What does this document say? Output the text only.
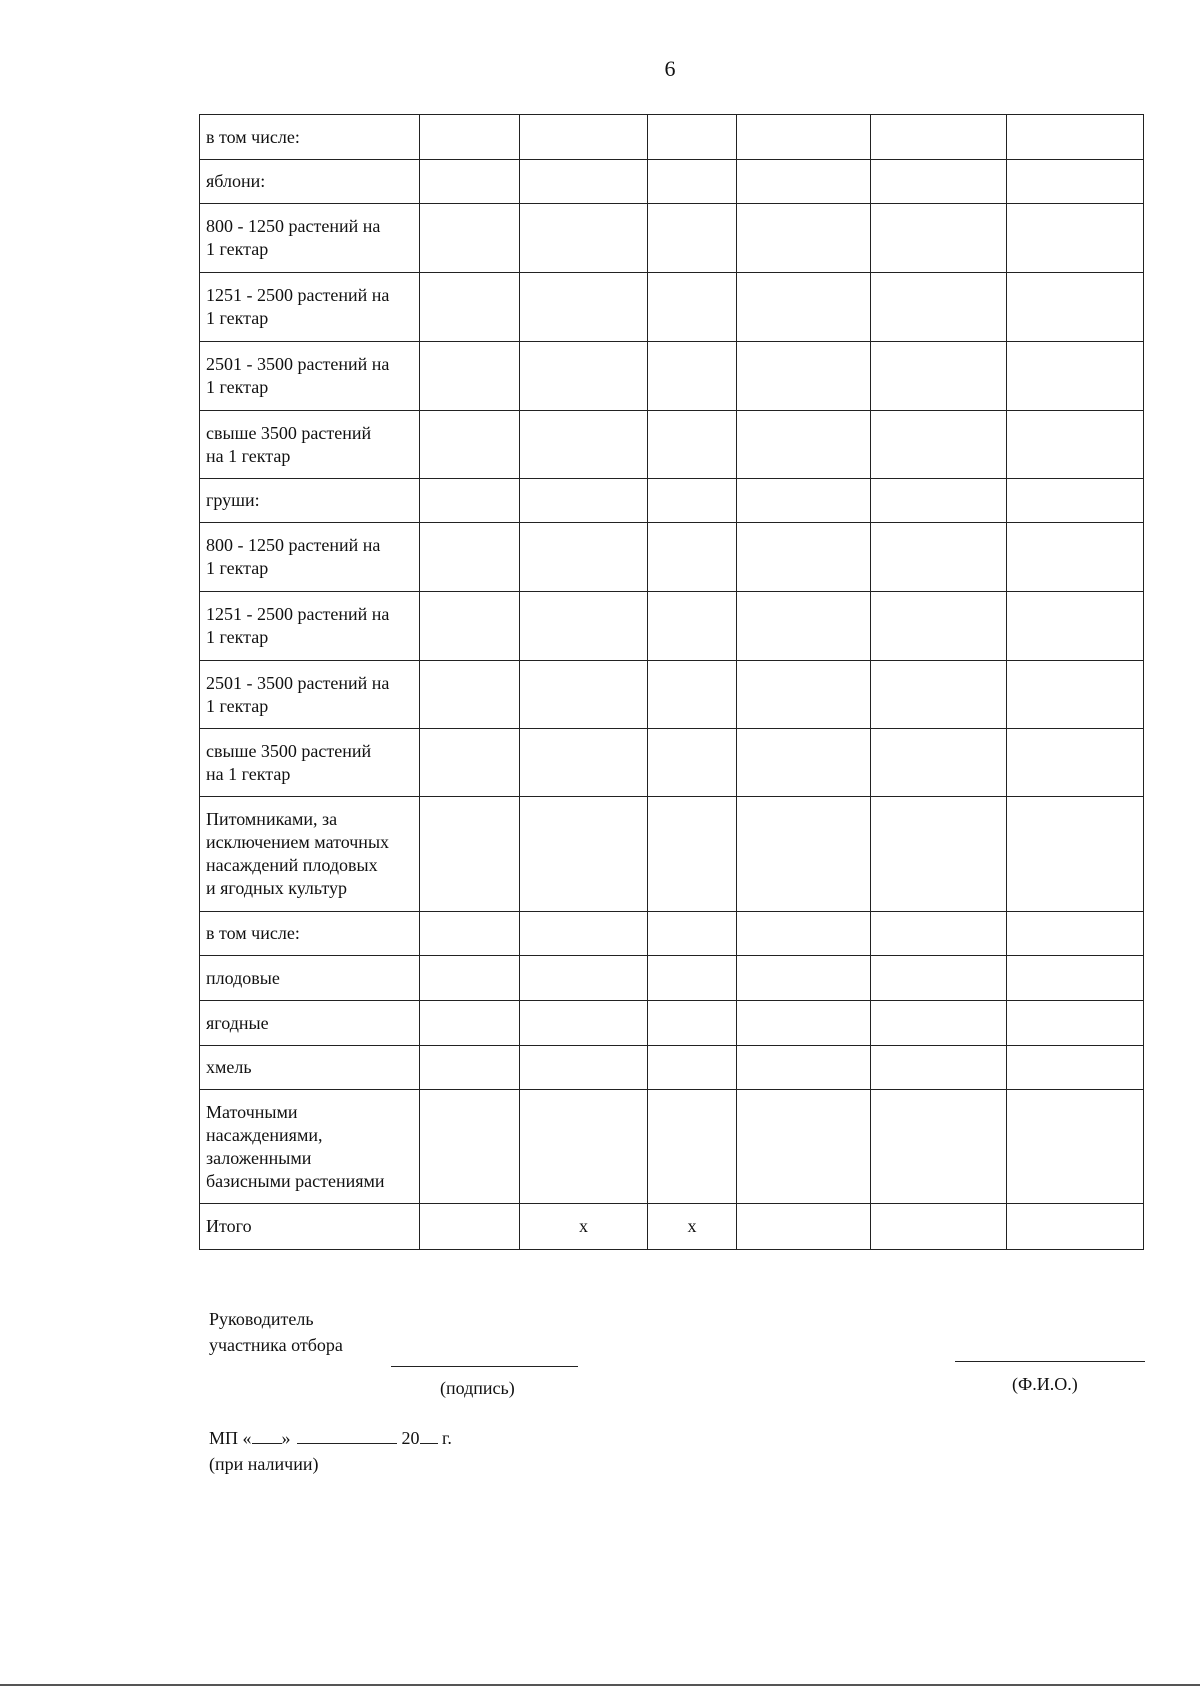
6
в том числе:						

яблони:						

800 - 1250 растений на
1 гектар						

1251 - 2500 растений на
1 гектар						

2501 - 3500 растений на
1 гектар						

свыше 3500 растений
на 1 гектар						

груши:						

800 - 1250 растений на
1 гектар						

1251 - 2500 растений на
1 гектар						

2501 - 3500 растений на
1 гектар						

свыше 3500 растений
на 1 гектар						

Питомниками, за
исключением маточных
насаждений плодовых
и ягодных культур						

в том числе:						

плодовые						

ягодные						

хмель						

Маточными
насаждениями,
заложенными
базисными растениями						

Итого		х	х			
Руководитель
участника отбора
(подпись)	(Ф.И.О.)
МП « »	20 г.
(при наличии)
